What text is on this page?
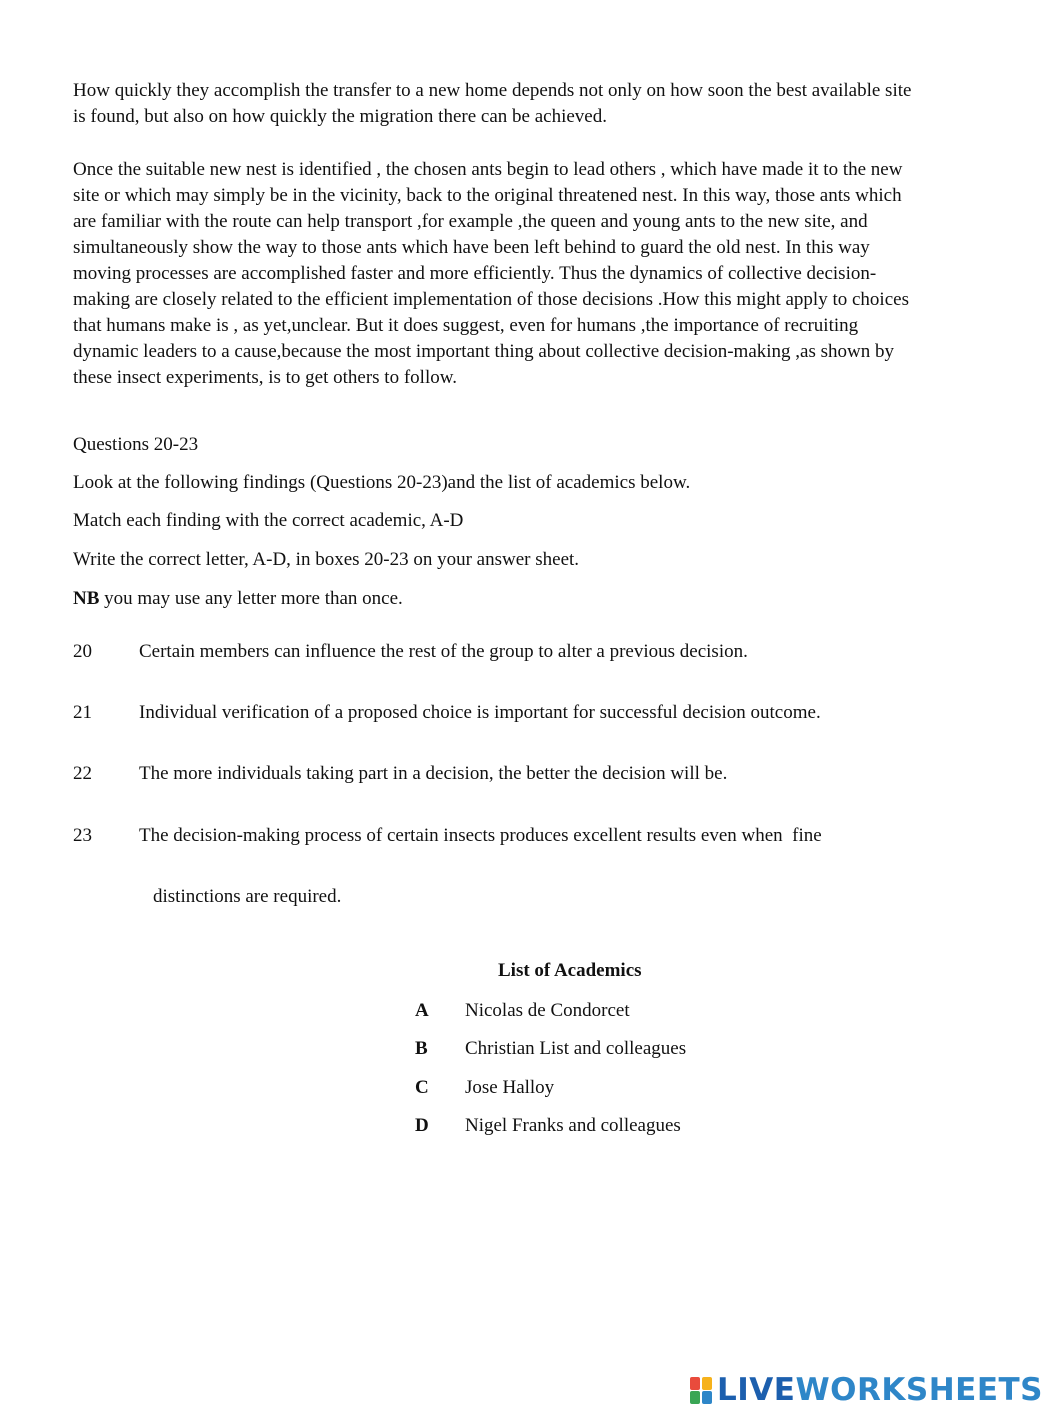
How quickly they accomplish the transfer to a new home depends not only on how soon the best available site is found, but also on how quickly the migration there can be achieved.

Once the suitable new nest is identified , the chosen ants begin to lead others , which have made it to the new site or which may simply be in the vicinity, back to the original threatened nest. In this way, those ants which are familiar with the route can help transport ,for example ,the queen and young ants to the new site, and simultaneously show the way to those ants which have been left behind to guard the old nest. In this way moving processes are accomplished faster and more efficiently. Thus the dynamics of collective decision-making are closely related to the efficient implementation of those decisions .How this might apply to choices that humans make is , as yet,unclear. But it does suggest, even for humans ,the importance of recruiting dynamic leaders to a cause,because the most important thing about collective decision-making ,as shown by these insect experiments, is to get others to follow.

Questions 20-23
Look at the following findings (Questions 20-23)and the list of academics below.
Match each finding with the correct academic, A-D
Write the correct letter, A-D, in boxes 20-23 on your answer sheet.
NB you may use any letter more than once.
20 Certain members can influence the rest of the group to alter a previous decision.
21 Individual verification of a proposed choice is important for successful decision outcome.
22 The more individuals taking part in a decision, the better the decision will be.
23 The decision-making process of certain insects produces excellent results even when  fine
distinctions are required.
List of Academics
A Nicolas de Condorcet
B Christian List and colleagues
C Jose Halloy
D Nigel Franks and colleagues
LIVEWORKSHEETS
